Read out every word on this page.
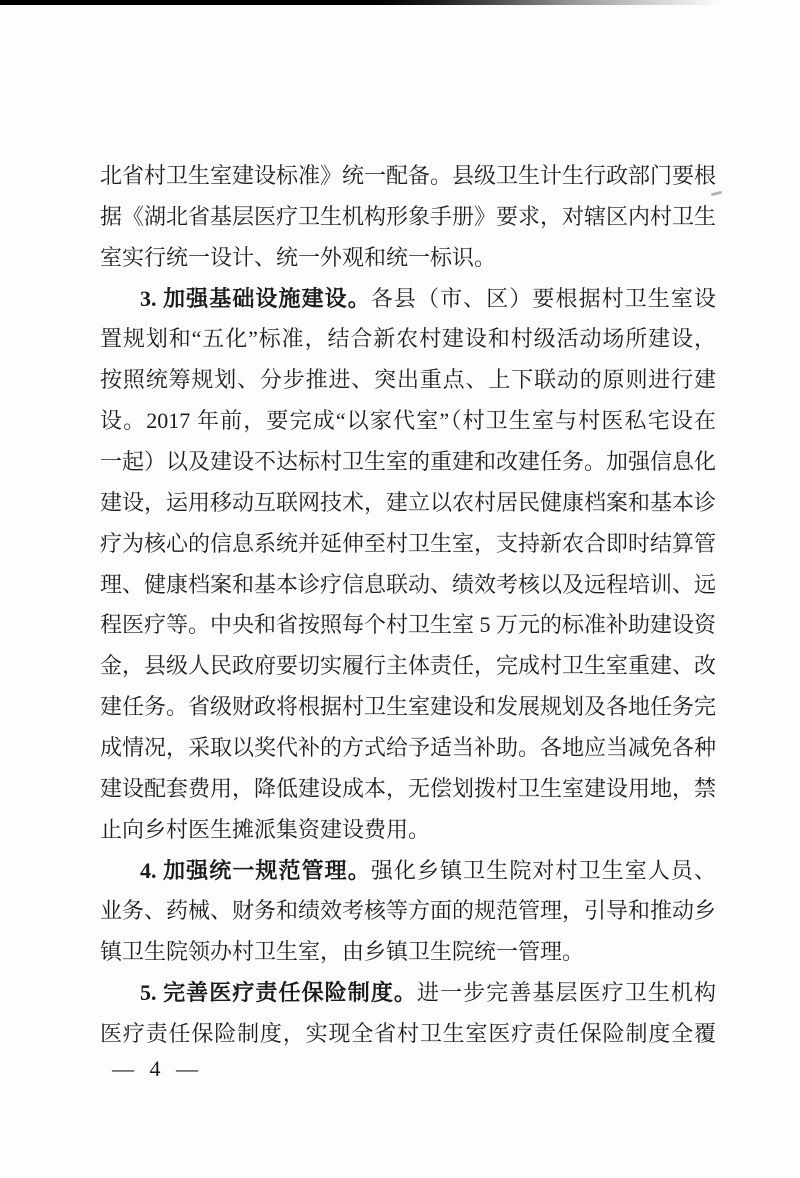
北省村卫生室建设标准》统一配备。县级卫生计生行政部门要根
据《湖北省基层医疗卫生机构形象手册》要求，对辖区内村卫生
室实行统一设计、统一外观和统一标识。
3. 加强基础设施建设。各县（市、区）要根据村卫生室设
置规划和“五化”标准，结合新农村建设和村级活动场所建设，
按照统筹规划、分步推进、突出重点、上下联动的原则进行建
设。2017 年前，要完成“以家代室”（村卫生室与村医私宅设在
一起）以及建设不达标村卫生室的重建和改建任务。加强信息化
建设，运用移动互联网技术，建立以农村居民健康档案和基本诊
疗为核心的信息系统并延伸至村卫生室，支持新农合即时结算管
理、健康档案和基本诊疗信息联动、绩效考核以及远程培训、远
程医疗等。中央和省按照每个村卫生室 5 万元的标准补助建设资
金，县级人民政府要切实履行主体责任，完成村卫生室重建、改
建任务。省级财政将根据村卫生室建设和发展规划及各地任务完
成情况，采取以奖代补的方式给予适当补助。各地应当减免各种
建设配套费用，降低建设成本，无偿划拨村卫生室建设用地，禁
止向乡村医生摊派集资建设费用。
4. 加强统一规范管理。强化乡镇卫生院对村卫生室人员、
业务、药械、财务和绩效考核等方面的规范管理，引导和推动乡
镇卫生院领办村卫生室，由乡镇卫生院统一管理。
5. 完善医疗责任保险制度。进一步完善基层医疗卫生机构
医疗责任保险制度，实现全省村卫生室医疗责任保险制度全覆
— 4 —
